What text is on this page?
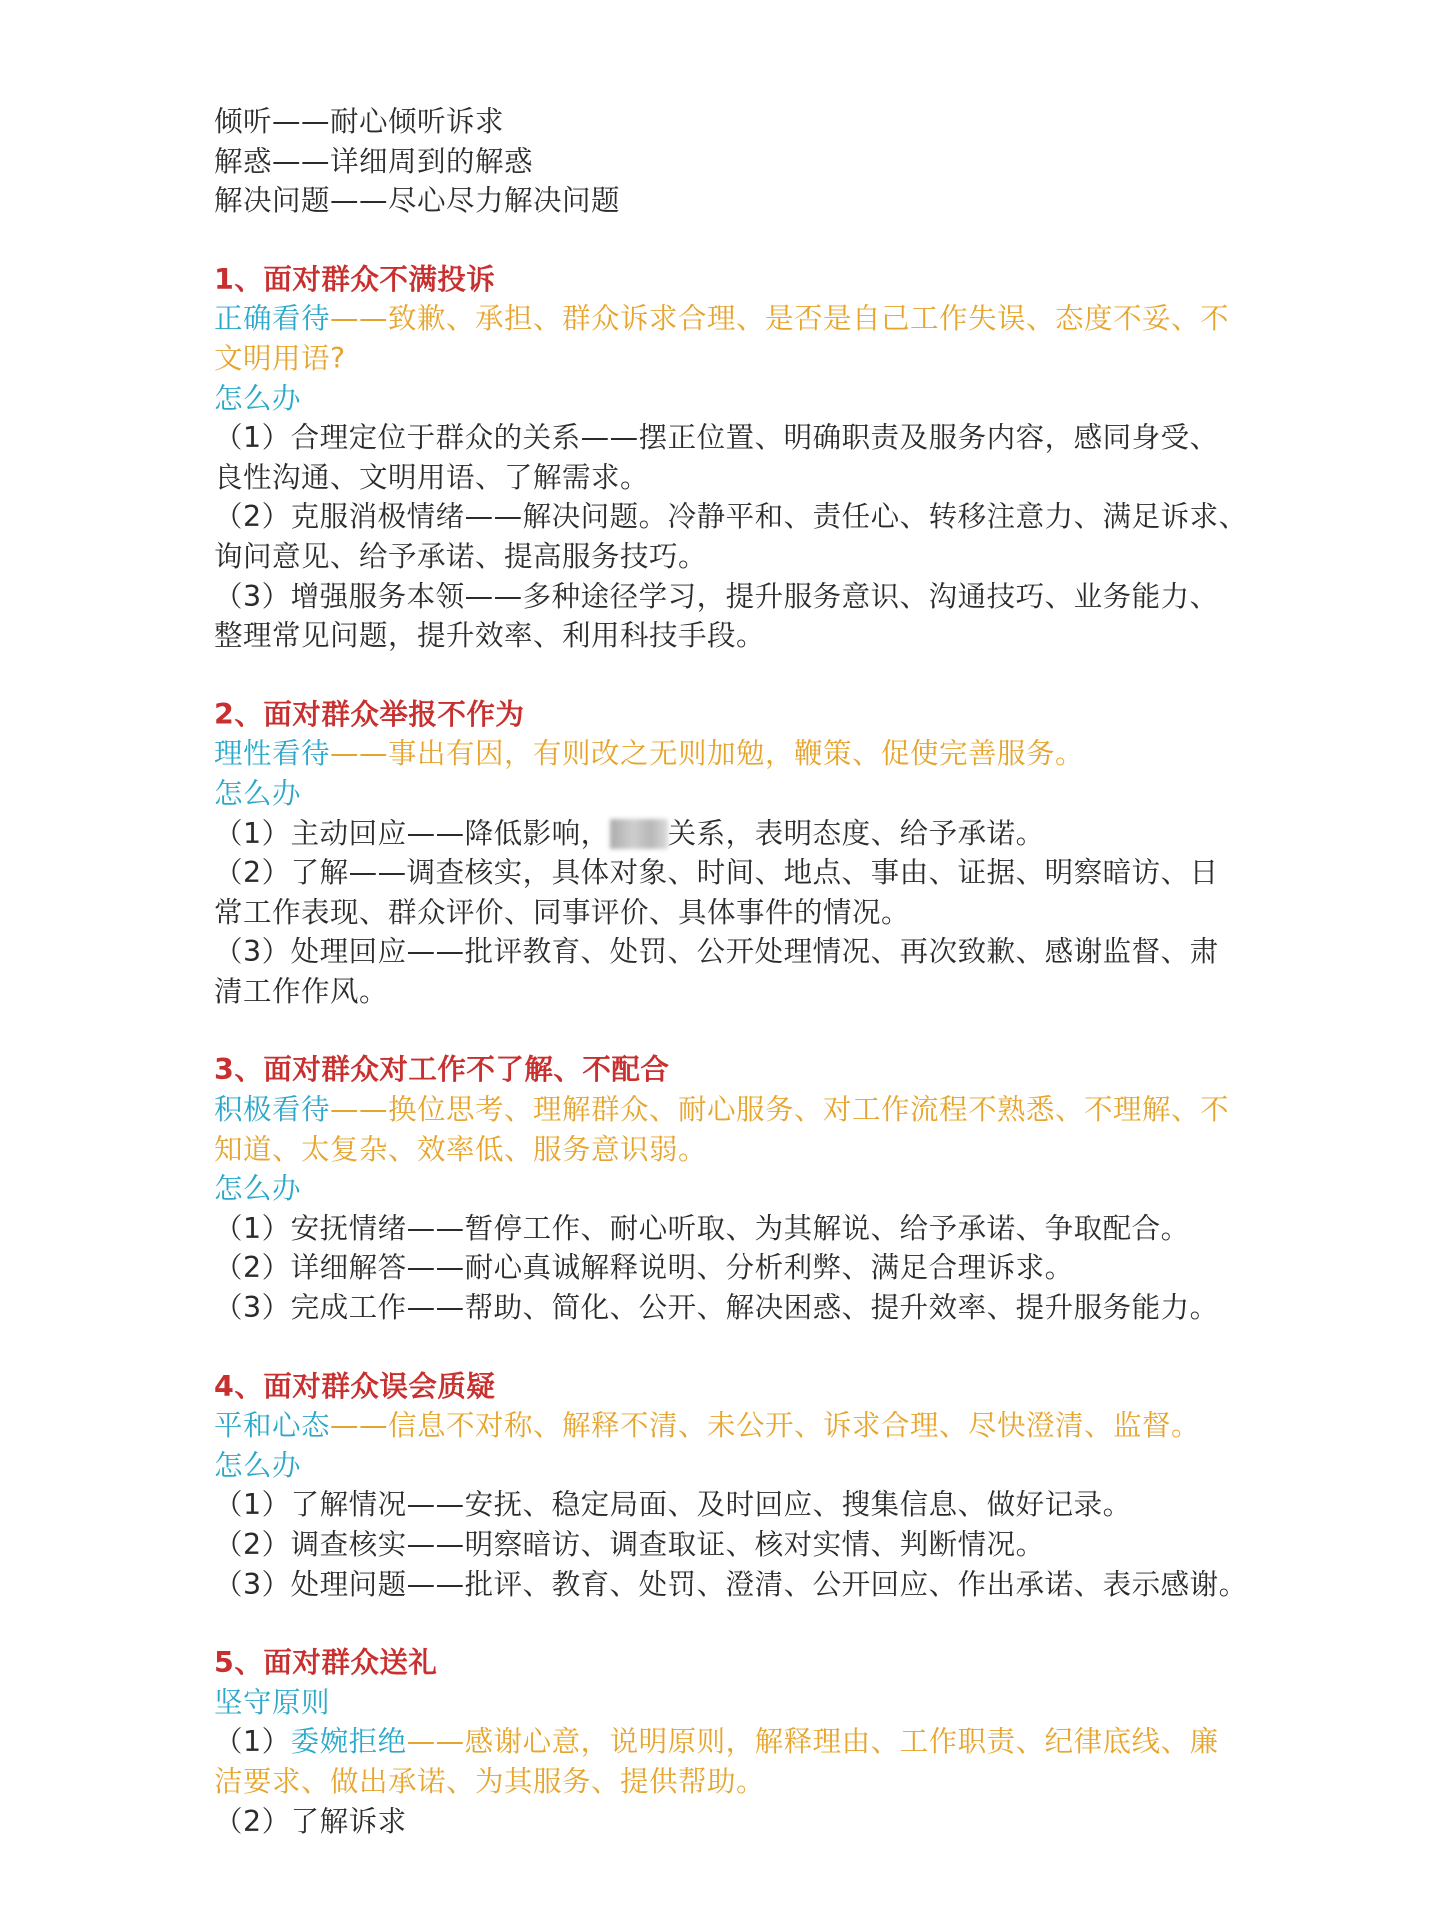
倾听——耐心倾听诉求
解惑——详细周到的解惑
解决问题——尽心尽力解决问题
1、面对群众不满投诉
正确看待——致歉、承担、群众诉求合理、是否是自己工作失误、态度不妥、不
文明用语?
怎么办
（1）合理定位于群众的关系——摆正位置、明确职责及服务内容，感同身受、
良性沟通、文明用语、了解需求。
（2）克服消极情绪——解决问题。冷静平和、责任心、转移注意力、满足诉求、
询问意见、给予承诺、提高服务技巧。
（3）增强服务本领——多种途径学习，提升服务意识、沟通技巧、业务能力、
整理常见问题，提升效率、利用科技手段。
2、面对群众举报不作为
理性看待——事出有因，有则改之无则加勉，鞭策、促使完善服务。
怎么办
（1）主动回应——降低影响， 关系，表明态度、给予承诺。
（2）了解——调查核实，具体对象、时间、地点、事由、证据、明察暗访、日
常工作表现、群众评价、同事评价、具体事件的情况。
（3）处理回应——批评教育、处罚、公开处理情况、再次致歉、感谢监督、肃
清工作作风。
3、面对群众对工作不了解、不配合
积极看待——换位思考、理解群众、耐心服务、对工作流程不熟悉、不理解、不
知道、太复杂、效率低、服务意识弱。
怎么办
（1）安抚情绪——暂停工作、耐心听取、为其解说、给予承诺、争取配合。
（2）详细解答——耐心真诚解释说明、分析利弊、满足合理诉求。
（3）完成工作——帮助、简化、公开、解决困惑、提升效率、提升服务能力。
4、面对群众误会质疑
平和心态——信息不对称、解释不清、未公开、诉求合理、尽快澄清、监督。
怎么办
（1）了解情况——安抚、稳定局面、及时回应、搜集信息、做好记录。
（2）调查核实——明察暗访、调查取证、核对实情、判断情况。
（3）处理问题——批评、教育、处罚、澄清、公开回应、作出承诺、表示感谢。
5、面对群众送礼
坚守原则
（1）委婉拒绝——感谢心意，说明原则，解释理由、工作职责、纪律底线、廉
洁要求、做出承诺、为其服务、提供帮助。
（2）了解诉求
